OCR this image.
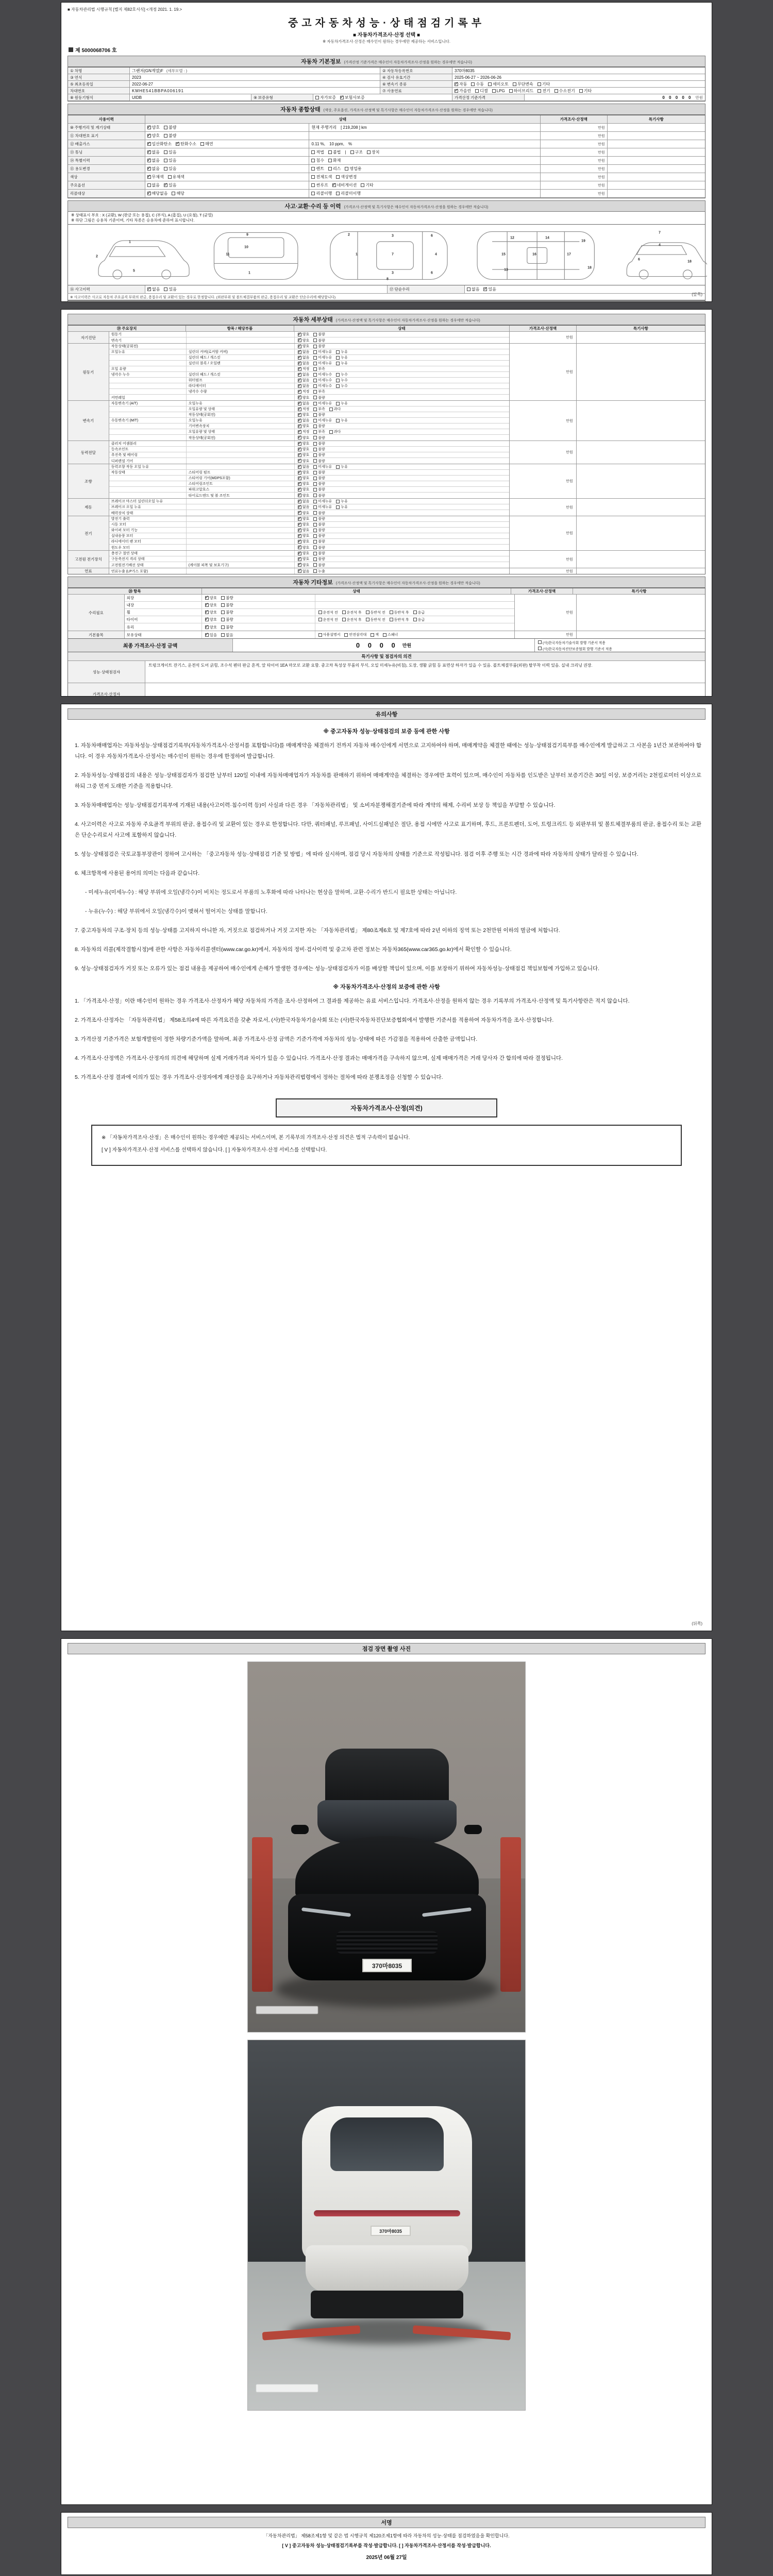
■ 자동차관리법 시행규칙 [별지 제82호서식] <개정 2021. 1. 19.>
중고자동차성능·상태점검기록부
■ 자동차가격조사·산정 선택 ■
※ 자동차가격조사·산정은 매수인이 원하는 경우에만 제공하는 서비스입니다.
제 5000068706 호
자동차 기본정보 (가격산정 기준가격은 매수인이 자동차가격조사·산정을 원하는 경우에만 적습니다)
① 차명	그랜저(GN계열)F (세부모델 : )	② 자동차등록번호	370마8035
③ 연식	2023	④ 검사 유효기간	2025-06-27 ~ 2026-06-26
⑤ 최초등록일	2022-06-27	⑥ 변속기 종류 ✓	자동 수동 세미오토 무단변속 기타
차대번호	KMHE541BBPA006191	⑦ 사용연료 ✓	가솔린 디젤 LPG 하이브리드 전기 수소전기 기타
⑧ 원동기형식	UIDB	⑨ 보증유형	자가보증 ✓ 보험사보증	가격산정 기준가격	0 0 0 0 0 만원
자동차 종합상태 (색상, 주요옵션, 가격조사·산정액 및 특기사항은 매수인이 자동차가격조사·산정을 원하는 경우에만 적습니다)
사용이력	상태	가격조사·산정액	특기사항
⑩ 주행거리 및 계기상태 ✓	양호 불량	현재 주행거리 [ 219,208 ] km	만원
⑪ 차대번호 표기 ✓	양호 불량	만원
⑫ 배출가스 ✓	일산화탄소 ✓ 탄화수소 매연	0.11 %, 10 ppm, %	만원
⑬ 튜닝 ✓	없음 있음	적법 불법 | 구조 장치	만원
⑭ 특별이력 ✓	없음 있음	침수 화재	만원
⑮ 용도변경 ✓	없음 있음	렌트 리스 영업용	만원
색상 ✓	무채색 유채색	전체도색 색상변경	만원
주요옵션	없음 ✓ 있음	썬루프 ✓ 네비게이션 기타	만원
리콜대상 ✓	해당없음 해당	리콜이행 리콜미이행	만원
사고·교환·수리 등 이력 (가격조사·산정액 및 특기사항은 매수인이 자동차가격조사·산정을 원하는 경우에만 적습니다)
※ 상태표시 부호 : X (교환), W (판금 또는 용접), C (부식), A (흠집), U (요철), T (균열)
※ 하단 그림은 승용차 기준이며, 기타 차종은 승용차에 준하여 표시합니다.
1
2
5
9
10
11
1
2
1	7	4
3
3
6
6
8
15	16
12
13
14
17
19
18
4
6
18
7
⑯ 사고이력 ✓	없음 있음	⑰ 단순수리	없음 ✓ 있음
※ 사고이력은 사고로 자동차 주요골격 부위의 판금, 용접수리 및 교환이 있는 경우로 한정합니다. (외판부위 및 볼트체결부품의 판금, 용접수리 및 교환은 단순수리에 해당합니다)
(앞쪽)
자동차 세부상태 (가격조사·산정액 및 특기사항은 매수인이 자동차가격조사·산정을 원하는 경우에만 적습니다)
⑲ 주요장치	항목 / 해당부품	상태	가격조사·산정액	특기사항
자기진단
원동기 ✓	양호 불량
변속기 ✓	양호 불량
만원
원동기
작동상태(공회전) ✓	양호 불량
오일누유	실린더 커버(로커암 커버) ✓	없음 미세누유 누유
실린더 헤드 / 개스킷 ✓	없음 미세누유 누유
실린더 블록 / 오일팬 ✓	없음 미세누유 누유
오일 유량 ✓	적정 부족
냉각수 누수	실린더 헤드 / 개스킷 ✓	없음 미세누수 누수
워터펌프 ✓	없음 미세누수 누수
라디에이터 ✓	없음 미세누수 누수
냉각수 수량 ✓	적정 부족
커먼레일 ✓	양호 불량
만원
변속기
자동변속기 (A/T)	오일누유 ✓	없음 미세누유 누유
오일유량 및 상태 ✓	적정 부족 과다
작동상태(공회전) ✓	양호 불량
수동변속기 (M/T)	오일누유 ✓	없음 미세누유 누유
기어변속장치 ✓	양호 불량
오일유량 및 상태 ✓	적정 부족 과다
작동상태(공회전) ✓	양호 불량
만원
동력전달
클러치 어셈블리 ✓	양호 불량
등속조인트 ✓	양호 불량
추진축 및 베어링 ✓	양호 불량
디퍼렌셜 기어 ✓	양호 불량
만원
조향
동력조향 작동 오일 누유 ✓	없음 미세누유 누유
작동상태	스티어링 펌프 ✓	양호 불량
스티어링 기어(MDPS포함) ✓	양호 불량
스티어링조인트 ✓	양호 불량
파워고압호스 ✓	양호 불량
타이로드엔드 및 볼 조인트 ✓	양호 불량
만원
제동
브레이크 마스터 실린더오일 누유 ✓	없음 미세누유 누유
브레이크 오일 누유 ✓	없음 미세누유 누유
배력장치 상태 ✓	양호 불량
만원
전기
발전기 출력 ✓	양호 불량
시동 모터 ✓	양호 불량
와이퍼 모터 기능 ✓	양호 불량
실내송풍 모터 ✓	양호 불량
라디에이터 팬 모터 ✓	양호 불량
윈도우 모터 ✓	양호 불량
만원
고전원 전기장치
충전구 절연 상태 ✓	양호 불량
구동축전지 격리 상태 ✓	양호 불량
고전원전기배선 상태	(케이블 피복 및 보호기구) ✓	양호 불량
만원
연료	연료누출 (LP가스 포함) ✓	없음 누출	만원
자동차 기타정보 (가격조사·산정액 및 특기사항은 매수인이 자동차가격조사·산정을 원하는 경우에만 적습니다)
⑳ 항목	상태	가격조사·산정액	특기사항
수리필요
외장 ✓	양호 불량
내장 ✓	양호 불량
휠 ✓	양호 불량	운전석 전 운전석 후 동반석 전 동반석 후 응급
타이어 ✓	양호 불량	운전석 전 운전석 후 동반석 전 동반석 후 응급
유리 ✓	양호 불량
만원
기본품목	보유상태 ✓	있음 없음	사용설명서 안전삼각대 잭 스패너	만원
최종 가격조사·산정 금액	0 0 0 0 만원	(사)한국자동차기술사회 발행 기준서 적용
(사)한국자동차진단보증협회 발행 기준서 적용
특기사항 및 점검자의 의견
성능·상태점검자
트렁크게이트 잔기스, 운전석 도어 긁힘, 조수석 펜더 판금 흔적, 앞 타이어 1EA 마모로 교환 요함. 중고차 특성상 부품의 부식, 오일 미세누유(비침), 도장, 생활 긁힘 등 표면상 하자가 있을 수 있음. 볼트체결부품(외판) 탈부착 이력 있음. 실내 크리닝 권장.
가격조사·산정자
유의사항
※ 중고자동차 성능·상태점검의 보증 등에 관한 사항
1. 자동차매매업자는 자동차성능·상태점검기록부(자동차가격조사·산정서를 포함합니다)를 매매계약을 체결하기 전까지 자동차 매수인에게 서면으로 고지하여야 하며, 매매계약을 체결한 때에는 성능·상태점검기록부를 매수인에게 발급하고 그 사본을 1년간 보관하여야 합니다. 이 경우 자동차가격조사·산정서는 매수인이 원하는 경우에 한정하여 발급합니다.
2. 자동차성능·상태점검의 내용은 성능·상태점검자가 점검한 날부터 120일 이내에 자동차매매업자가 자동차를 판매하기 위하여 매매계약을 체결하는 경우에만 효력이 있으며, 매수인이 자동차를 인도받은 날부터 보증기간은 30일 이상, 보증거리는 2천킬로미터 이상으로 하되 그중 먼저 도래한 기준을 적용합니다.
3. 자동차매매업자는 성능·상태점검기록부에 기재된 내용(사고이력·침수이력 등)이 사실과 다른 경우 「자동차관리법」 및 소비자분쟁해결기준에 따라 계약의 해제, 수리비 보상 등 책임을 부담할 수 있습니다.
4. 사고이력은 사고로 자동차 주요골격 부위의 판금, 용접수리 및 교환이 있는 경우로 한정합니다. 다만, 쿼터패널, 루프패널, 사이드실패널은 절단, 용접 시에만 사고로 표기하며, 후드, 프론트펜더, 도어, 트렁크리드 등 외판부위 및 볼트체결부품의 판금, 용접수리 또는 교환은 단순수리로서 사고에 포함하지 않습니다.
5. 성능·상태점검은 국토교통부장관이 정하여 고시하는 「중고자동차 성능·상태점검 기준 및 방법」에 따라 실시하며, 점검 당시 자동차의 상태를 기준으로 작성됩니다. 점검 이후 주행 또는 시간 경과에 따라 자동차의 상태가 달라질 수 있습니다.
6. 체크항목에 사용된 용어의 의미는 다음과 같습니다.
- 미세누유(미세누수) : 해당 부위에 오일(냉각수)이 비치는 정도로서 부품의 노후화에 따라 나타나는 현상을 말하며, 교환·수리가 반드시 필요한 상태는 아닙니다.
- 누유(누수) : 해당 부위에서 오일(냉각수)이 맺혀서 떨어지는 상태를 말합니다.
7. 중고자동차의 구조·장치 등의 성능·상태를 고지하지 아니한 자, 거짓으로 점검하거나 거짓 고지한 자는 「자동차관리법」 제80조제6호 및 제7호에 따라 2년 이하의 징역 또는 2천만원 이하의 벌금에 처합니다.
8. 자동차의 리콜(제작결함시정)에 관한 사항은 자동차리콜센터(www.car.go.kr)에서, 자동차의 정비·검사이력 및 중고차 관련 정보는 자동차365(www.car365.go.kr)에서 확인할 수 있습니다.
9. 성능·상태점검자가 거짓 또는 오류가 있는 점검 내용을 제공하여 매수인에게 손해가 발생한 경우에는 성능·상태점검자가 이를 배상할 책임이 있으며, 이를 보장하기 위하여 자동차성능·상태점검 책임보험에 가입하고 있습니다.
※ 자동차가격조사·산정의 보증에 관한 사항
1. 「가격조사·산정」이란 매수인이 원하는 경우 가격조사·산정자가 해당 자동차의 가격을 조사·산정하여 그 결과를 제공하는 유료 서비스입니다. 가격조사·산정을 원하지 않는 경우 기록부의 가격조사·산정액 및 특기사항란은 적지 않습니다.
2. 가격조사·산정자는 「자동차관리법」 제58조의4에 따른 자격요건을 갖춘 자로서, (사)한국자동차기술사회 또는 (사)한국자동차진단보증협회에서 발행한 기준서를 적용하여 자동차가격을 조사·산정합니다.
3. 가격산정 기준가격은 보험개발원이 정한 차량기준가액을 말하며, 최종 가격조사·산정 금액은 기준가격에 자동차의 성능·상태에 따른 가감점을 적용하여 산출한 금액입니다.
4. 가격조사·산정액은 가격조사·산정자의 의견에 해당하며 실제 거래가격과 차이가 있을 수 있습니다. 가격조사·산정 결과는 매매가격을 구속하지 않으며, 실제 매매가격은 거래 당사자 간 합의에 따라 결정됩니다.
5. 가격조사·산정 결과에 이의가 있는 경우 가격조사·산정자에게 재산정을 요구하거나 자동차관리법령에서 정하는 절차에 따라 분쟁조정을 신청할 수 있습니다.
자동차가격조사·산정(의견)
※ 「자동차가격조사·산정」은 매수인이 원하는 경우에만 제공되는 서비스이며, 본 기록부의 가격조사·산정 의견은 법적 구속력이 없습니다.
[ V ] 자동차가격조사·산정 서비스를 선택하지 않습니다. [ ] 자동차가격조사·산정 서비스를 선택합니다.
(뒤쪽)
점검 장면 촬영 사진
370마8035
370마8035
서명
「자동차관리법」 제58조제1항 및 같은 법 시행규칙 제120조제1항에 따라 자동차의 성능·상태를 점검하였음을 확인합니다.
[ V ] 중고자동차 성능·상태점검기록부를 작성·발급합니다. [ ] 자동차가격조사·산정서를 작성·발급합니다.
2025년 06월 27일
